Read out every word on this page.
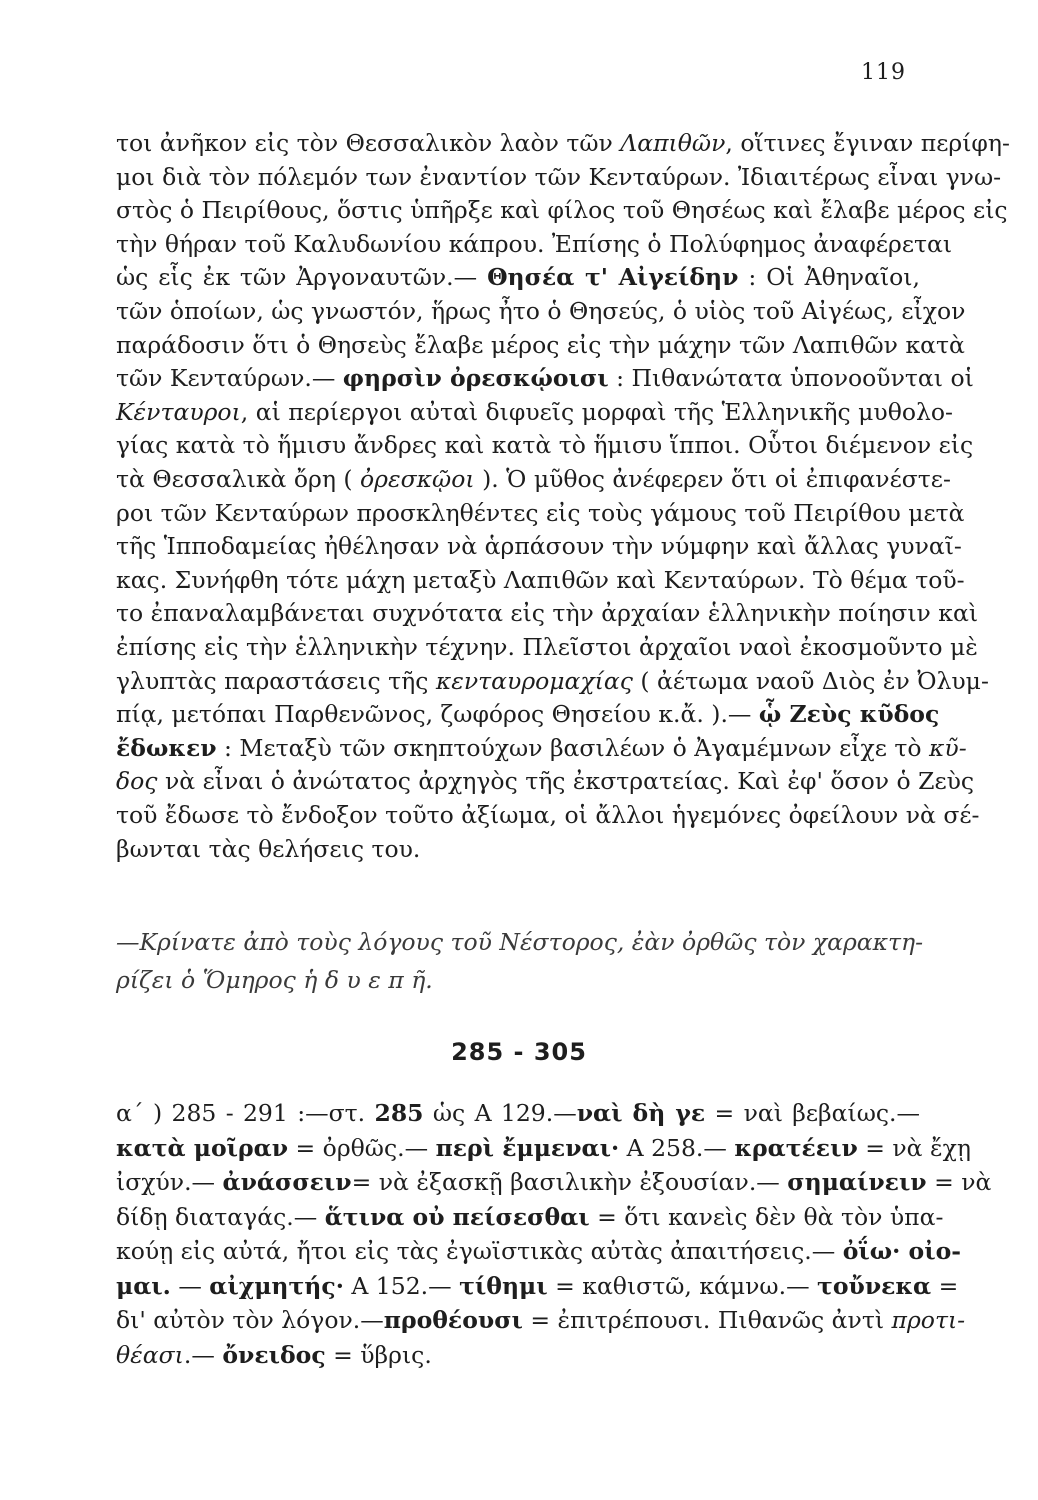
119
τοι ἀνῆκον εἰς τὸν Θεσσαλικὸν λαὸν τῶν Λαπιθῶν, οἵτινες ἔγιναν περίφη-
μοι διὰ τὸν πόλεμόν των ἐναντίον τῶν Κενταύρων. Ἰδιαιτέρως εἶναι γνω-
στὸς ὁ Πειρίθους, ὅστις ὑπῆρξε καὶ φίλος τοῦ Θησέως καὶ ἔλαβε μέρος εἰς
τὴν θήραν τοῦ Καλυδωνίου κάπρου. Ἐπίσης ὁ Πολύφημος ἀναφέρεται
ὡς εἷς ἐκ τῶν Ἀργοναυτῶν.— Θησέα τ' Αἰγείδην : Οἱ Ἀθηναῖοι,
τῶν ὁποίων, ὡς γνωστόν, ἥρως ἦτο ὁ Θησεύς, ὁ υἱὸς τοῦ Αἰγέως, εἶχον
παράδοσιν ὅτι ὁ Θησεὺς ἔλαβε μέρος εἰς τὴν μάχην τῶν Λαπιθῶν κατὰ
τῶν Κενταύρων.— φηρσὶν ὀρεσκῴοισι : Πιθανώτατα ὑπονοοῦνται οἱ
Κένταυροι, αἱ περίεργοι αὐταὶ διφυεῖς μορφαὶ τῆς Ἑλληνικῆς μυθολο-
γίας κατὰ τὸ ἥμισυ ἄνδρες καὶ κατὰ τὸ ἥμισυ ἵπποι. Οὗτοι διέμενον εἰς
τὰ Θεσσαλικὰ ὄρη ( ὀρεσκῷοι ). Ὁ μῦθος ἀνέφερεν ὅτι οἱ ἐπιφανέστε-
ροι τῶν Κενταύρων προσκληθέντες εἰς τοὺς γάμους τοῦ Πειρίθου μετὰ
τῆς Ἱπποδαμείας ἠθέλησαν νὰ ἁρπάσουν τὴν νύμφην καὶ ἄλλας γυναῖ-
κας. Συνήφθη τότε μάχη μεταξὺ Λαπιθῶν καὶ Κενταύρων. Τὸ θέμα τοῦ-
το ἐπαναλαμβάνεται συχνότατα εἰς τὴν ἀρχαίαν ἑλληνικὴν ποίησιν καὶ
ἐπίσης εἰς τὴν ἑλληνικὴν τέχνην. Πλεῖστοι ἀρχαῖοι ναοὶ ἐκοσμοῦντο μὲ
γλυπτὰς παραστάσεις τῆς κενταυρομαχίας ( ἀέτωμα ναοῦ Διὸς ἐν Ὀλυμ-
πίᾳ, μετόπαι Παρθενῶνος, ζωφόρος Θησείου κ.ἄ. ).— ᾧ Ζεὺς κῦδος
ἔδωκεν : Μεταξὺ τῶν σκηπτούχων βασιλέων ὁ Ἀγαμέμνων εἶχε τὸ κῦ-
δος νὰ εἶναι ὁ ἀνώτατος ἀρχηγὸς τῆς ἐκστρατείας. Καὶ ἐφ' ὅσον ὁ Ζεὺς
τοῦ ἔδωσε τὸ ἔνδοξον τοῦτο ἀξίωμα, οἱ ἄλλοι ἡγεμόνες ὀφείλουν νὰ σέ-
βωνται τὰς θελήσεις του.
—Κρίνατε ἀπὸ τοὺς λόγους τοῦ Νέστορος, ἐὰν ὀρθῶς τὸν χαρακτη-
ρίζει ὁ Ὅμηρος ἡ δ υ ε π ῆ.
285 - 305
α΄ ) 285 - 291 :—στ. 285 ὡς Α 129.—ναὶ δὴ γε = ναὶ βεβαίως.—
κατὰ μοῖραν = ὀρθῶς.— περὶ ἔμμεναι· Α 258.— κρατέειν = νὰ ἔχῃ
ἰσχύν.— ἀνάσσειν= νὰ ἐξασκῇ βασιλικὴν ἐξουσίαν.— σημαίνειν = νὰ
δίδῃ διαταγάς.— ἅτινα οὐ πείσεσθαι = ὅτι κανεὶς δὲν θὰ τὸν ὑπα-
κούῃ εἰς αὐτά, ἤτοι εἰς τὰς ἐγωϊστικὰς αὐτὰς ἀπαιτήσεις.— ὀΐω· οἰο-
μαι. — αἰχμητής· Α 152.— τίθημι = καθιστῶ, κάμνω.— τοὔνεκα =
δι' αὐτὸν τὸν λόγον.—προθέουσι = ἐπιτρέπουσι. Πιθανῶς ἀντὶ προτι-
θέασι.— ὄνειδος = ὕβρις.
